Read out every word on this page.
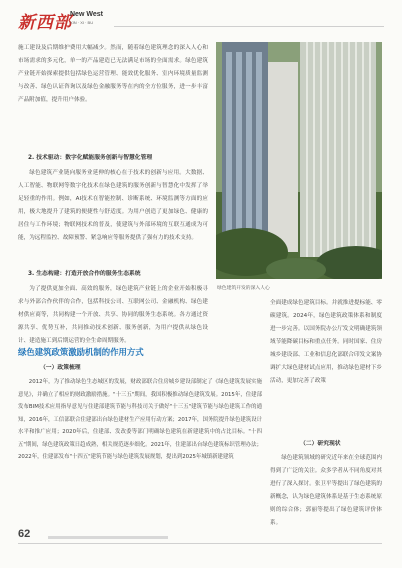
新西部
New West
XIN · XI · BU

施工建设及后期维护费用大幅减少。然而，随着绿色建筑理念的深入人心和市场需求的多元化，单一的产品建造已无法满足市场的全面需求。绿色建筑产业链开始探索提供包括绿色运营管理、能效优化服务、室内环境质量监测与改善、绿色认证咨询以及绿色金融服务等在内的全方位服务，进一步丰富产品附加值，提升用户体验。

2. 技术驱动：数字化赋能服务创新与智慧化管理

绿色建筑产业链向服务业延伸的核心在于技术的创新与应用。大数据、人工智能、物联网等数字化技术在绿色建筑的服务创新与智慧化中发挥了举足轻重的作用。例如，AI技术在智能控制、诊断系统、环境监测等方面的应用，极大地提升了建筑的便捷性与舒适度。为用户创造了更加绿色、健康的居住与工作环境；物联网技术的普及，使建筑与外部环境的互联互通成为可能，为远程监控、故障预警、紧急响应等服务提供了强有力的技术支持。

3. 生态构建：打造开放合作的服务生态系统

为了提供更加全面、高效的服务，绿色建筑产业链上的企业开始积极寻求与外部合作伙伴的合作，包括科技公司、互联网公司、金融机构、绿色建材供应商等，共同构建一个开放、共享、协同的服务生态系统。各方通过资源共享、优势互补，共同推动技术创新、服务创新，为用户提供从绿色设计、建造施工到后期运营的全生命周期服务。

绿色建筑开发的深入人心

全面建成绿色建筑目标。并就推进提标能、零碳建筑。2024年，绿色建筑政策体系和制度进一步完善。以国务院办公厅发文明确建筑领域节能降碳目标和重点任务。同时国家、住房城乡建设部、工业和信息化部联合印发文案协调扩大绿色建材试点应用，推动绿色建材下乡活动，更加完善了政策

绿色建筑政策激励机制的作用方式
（一）政策梳理

2012年，为了推动绿色生态城区的发展，财政部联合住房城乡建设部制定了《绿色建筑发展实施意见》，并确立了相应的财政激励措施。"十三五"期间，我国积极推动绿色建筑发展。2015年，住建部发布BIM技术应用指导意见与住建部建筑节能与科技司关于做好"十三五"建筑节能与绿色建筑工作的通知，2016年，工信部联合住建部出台绿色建材生产应用行动方案；2017年，国务院提升绿色建筑设计水平和推广应用；2020年后，住建部、发改委等部门明确绿色建筑在新建建筑中的占比目标。"十四五"期间，绿色建筑政策日趋成熟，相关规范逐步细化。2021年，住建部出台绿色建筑标识管理办法；2022年，住建部发布"十四五"建筑节能与绿色建筑发展规划，提出到2025年城镇新建建筑

（二）研究现状

绿色建筑领域的研究近年来在全球范围内得到了广泛的关注。众多学者从不同角度对其进行了深入探讨。张卫平等提出了绿色建筑的新概念，认为绿色建筑体系是基于生态系统原则的综合体；郭丽等提出了绿色建筑评价体系。

62
